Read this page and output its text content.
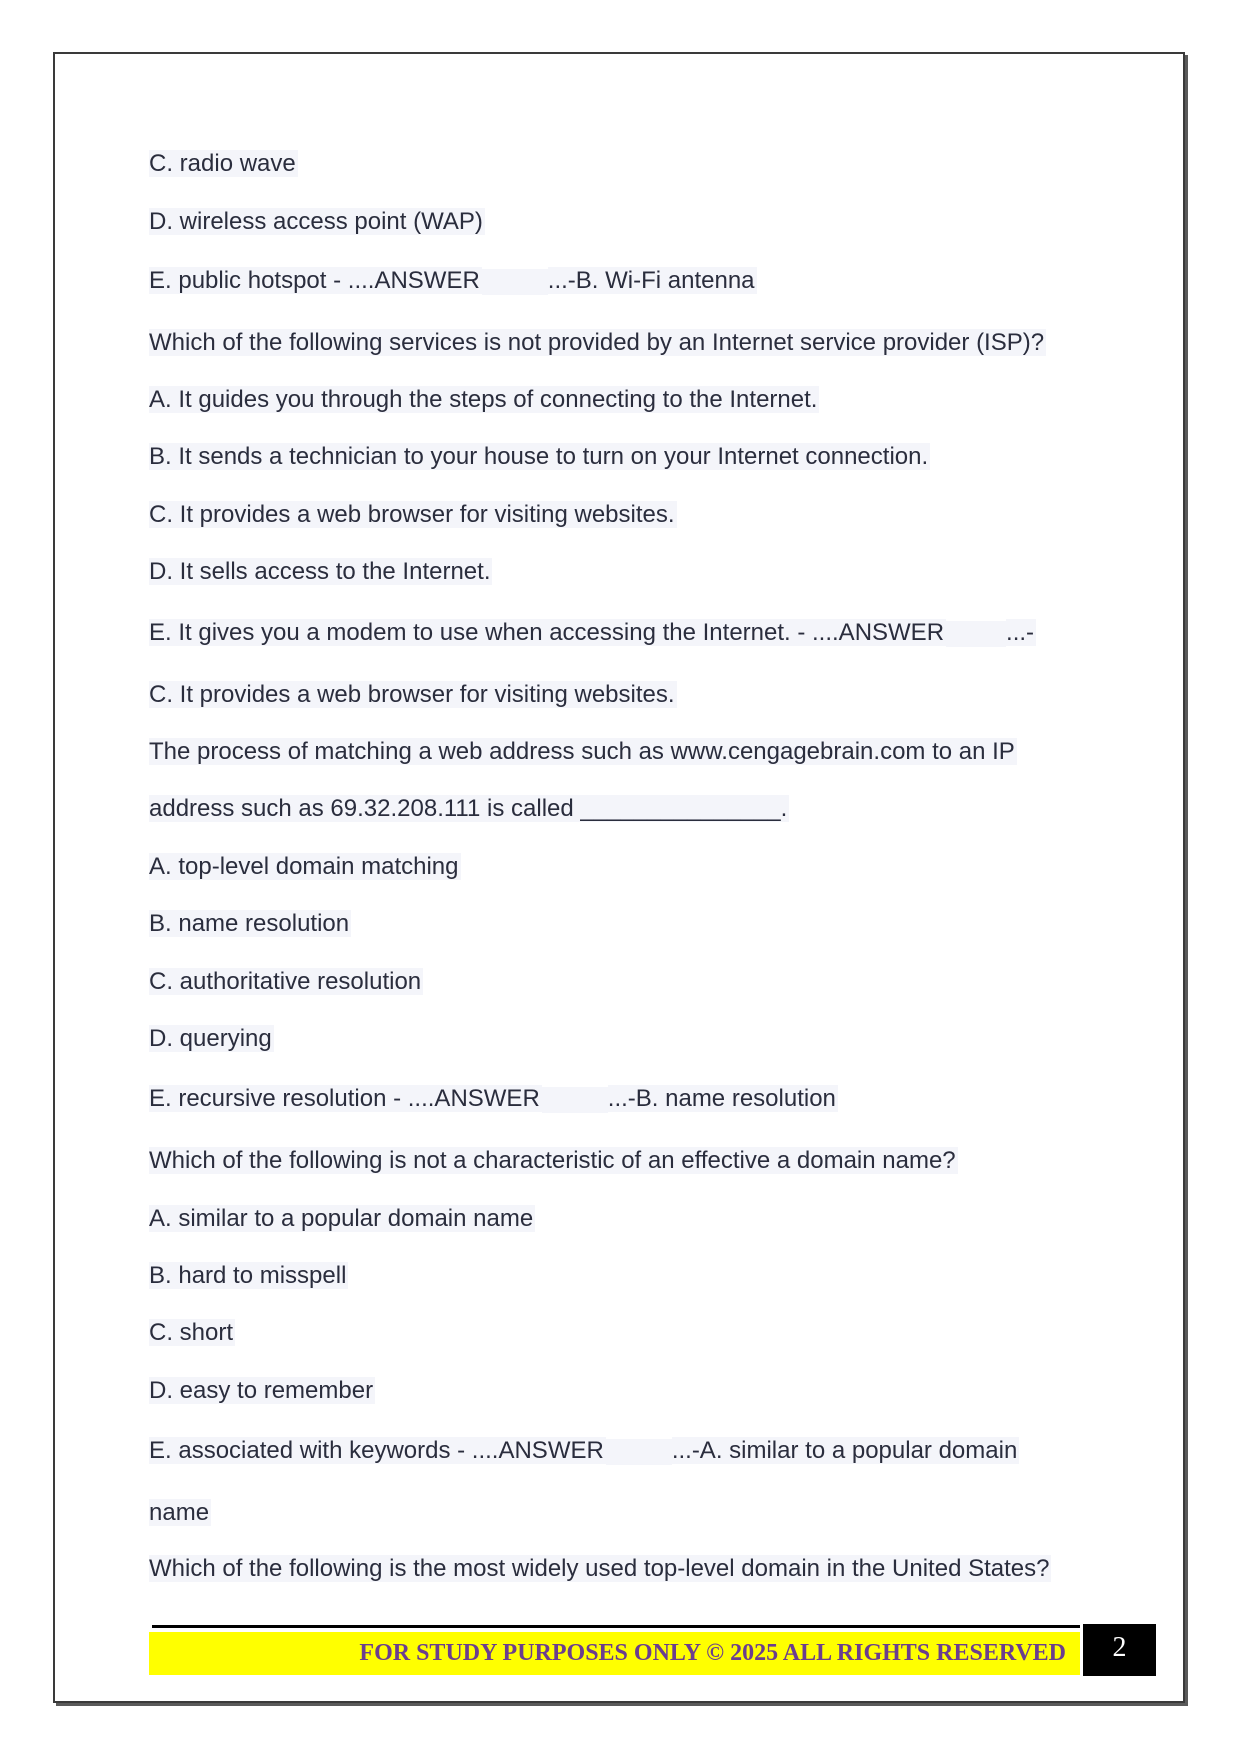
C. radio wave
D. wireless access point (WAP)
E. public hotspot - ....ANSWER	...-B. Wi-Fi antenna
Which of the following services is not provided by an Internet service provider (ISP)?
A. It guides you through the steps of connecting to the Internet.
B. It sends a technician to your house to turn on your Internet connection.
C. It provides a web browser for visiting websites.
D. It sells access to the Internet.
E. It gives you a modem to use when accessing the Internet. - ....ANSWER	...-
C. It provides a web browser for visiting websites.
The process of matching a web address such as www.cengagebrain.com to an IP
address such as 69.32.208.111 is called _______________.
A. top-level domain matching
B. name resolution
C. authoritative resolution
D. querying
E. recursive resolution - ....ANSWER	...-B. name resolution
Which of the following is not a characteristic of an effective a domain name?
A. similar to a popular domain name
B. hard to misspell
C. short
D. easy to remember
E. associated with keywords - ....ANSWER	...-A. similar to a popular domain
name
Which of the following is the most widely used top-level domain in the United States?
FOR STUDY PURPOSES ONLY © 2025 ALL RIGHTS RESERVED	2
